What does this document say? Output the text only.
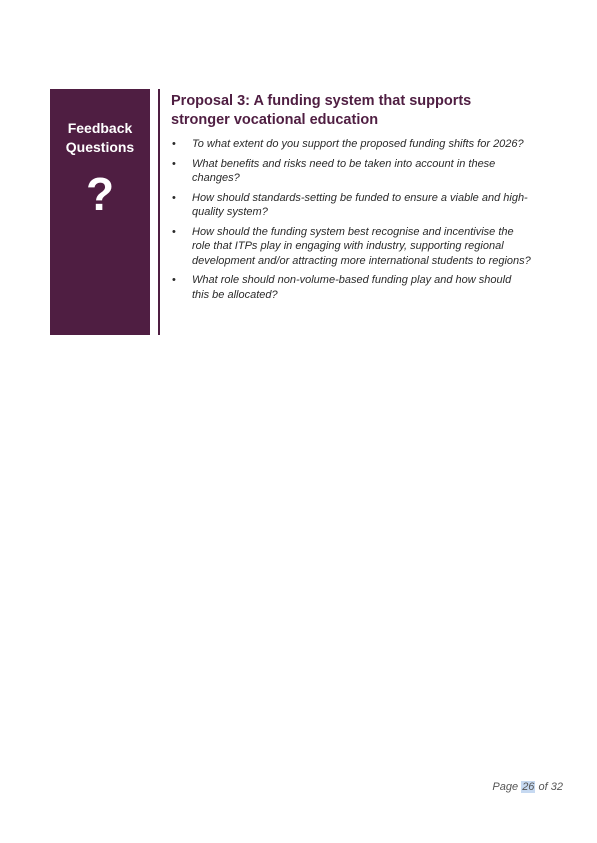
Feedback

Questions

?
Proposal 3: A funding system that supports
stronger vocational education
• To what extent do you support the proposed funding shifts for 2026?
• What benefits and risks need to be taken into account in these changes?
• How should standards-setting be funded to ensure a viable and high-quality system?
• How should the funding system best recognise and incentivise the role that ITPs play in engaging with industry, supporting regional development and/or attracting more international students to regions?
• What role should non-volume-based funding play and how should this be allocated?
Page 26 of 32
